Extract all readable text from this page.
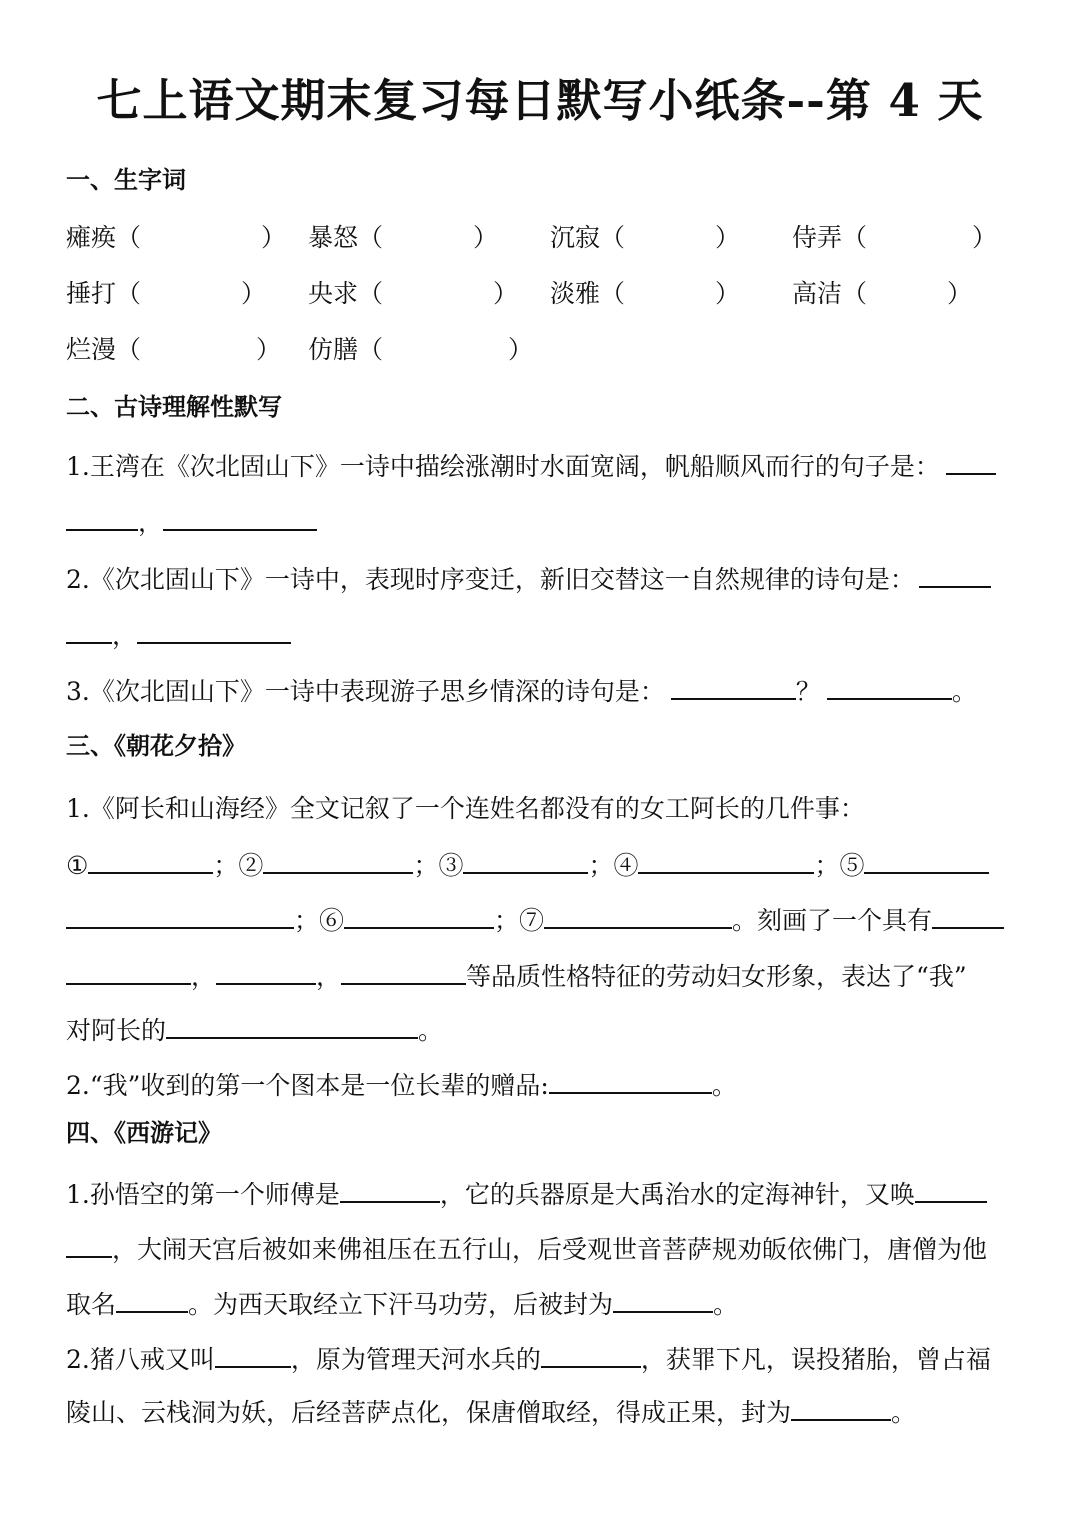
七上语文期末复习每日默写小纸条--第 4 天
一、生字词
瘫痪（	） 暴怒（	） 沉寂（	） 侍弄（	）
捶打（	） 央求（	） 淡雅（	） 高洁（	）
烂漫（	） 仿膳（	）
二、古诗理解性默写
1.王湾在《次北固山下》一诗中描绘涨潮时水面宽阔，帆船顺风而行的句子是：
，
2.《次北固山下》一诗中，表现时序变迁，新旧交替这一自然规律的诗句是：
，
3.《次北固山下》一诗中表现游子思乡情深的诗句是：	？	。
三、《朝花夕拾》
1.《阿长和山海经》全文记叙了一个连姓名都没有的女工阿长的几件事：
①	；②	；③	；④	；⑤
；⑥	；⑦	。刻画了一个具有
，	，	等品质性格特征的劳动妇女形象，表达了“我”
对阿长的	。
2.“我”收到的第一个图本是一位长辈的赠品:	。
四、《西游记》
1.孙悟空的第一个师傅是	，它的兵器原是大禹治水的定海神针，又唤
，大闹天宫后被如来佛祖压在五行山，后受观世音菩萨规劝皈依佛门，唐僧为他
取名	。为西天取经立下汗马功劳，后被封为	。
2.猪八戒又叫	，原为管理天河水兵的	，获罪下凡，误投猪胎，曾占福
陵山、云栈洞为妖，后经菩萨点化，保唐僧取经，得成正果，封为	。
